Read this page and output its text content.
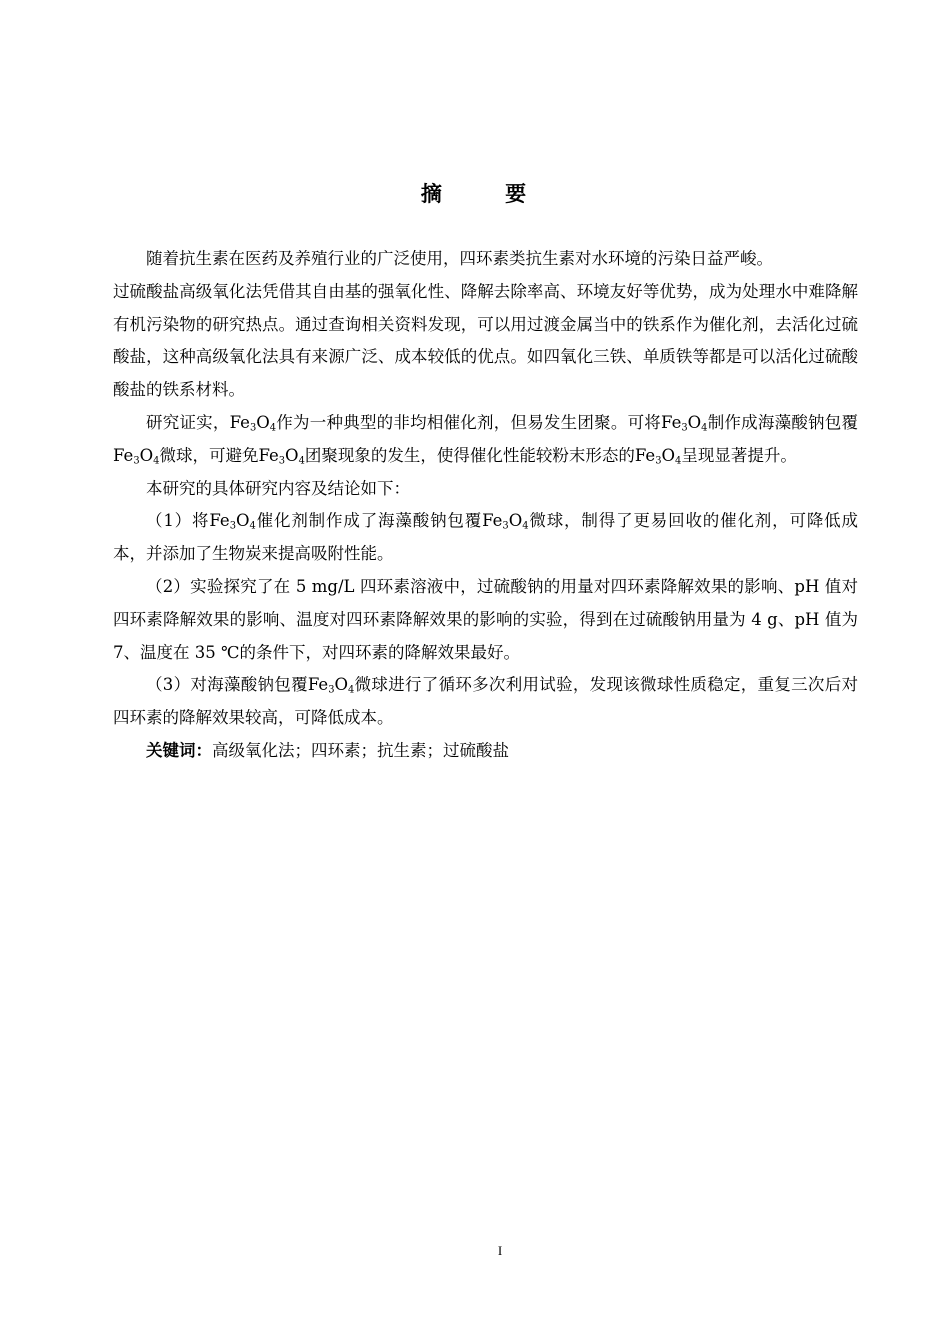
摘 要

随着抗生素在医药及养殖行业的广泛使用，四环素类抗生素对水环境的污染日益严峻。

过硫酸盐高级氧化法凭借其自由基的强氧化性、降解去除率高、环境友好等优势，成为处理水中难降解有机污染物的研究热点。通过查询相关资料发现，可以用过渡金属当中的铁系作为催化剂，去活化过硫酸盐，这种高级氧化法具有来源广泛、成本较低的优点。如四氧化三铁、单质铁等都是可以活化过硫酸酸盐的铁系材料。

研究证实，$Fe_3O_4$作为一种典型的非均相催化剂，但易发生团聚。可将$Fe_3O_4$制作成海藻酸钠包覆$Fe_3O_4$微球，可避免$Fe_3O_4$团聚现象的发生，使得催化性能较粉末形态的$Fe_3O_4$呈现显著提升。

本研究的具体研究内容及结论如下：

（1）将$Fe_3O_4$催化剂制作成了海藻酸钠包覆$Fe_3O_4$微球，制得了更易回收的催化剂，可降低成本，并添加了生物炭来提高吸附性能。

（2）实验探究了在 5 mg/L 四环素溶液中，过硫酸钠的用量对四环素降解效果的影响、pH 值对四环素降解效果的影响、温度对四环素降解效果的影响的实验，得到在过硫酸钠用量为 4 g、pH 值为 7、温度在 35 ℃的条件下，对四环素的降解效果最好。

（3）对海藻酸钠包覆$Fe_3O_4$微球进行了循环多次利用试验，发现该微球性质稳定，重复三次后对四环素的降解效果较高，可降低成本。

关键词：高级氧化法；四环素；抗生素；过硫酸盐

I
